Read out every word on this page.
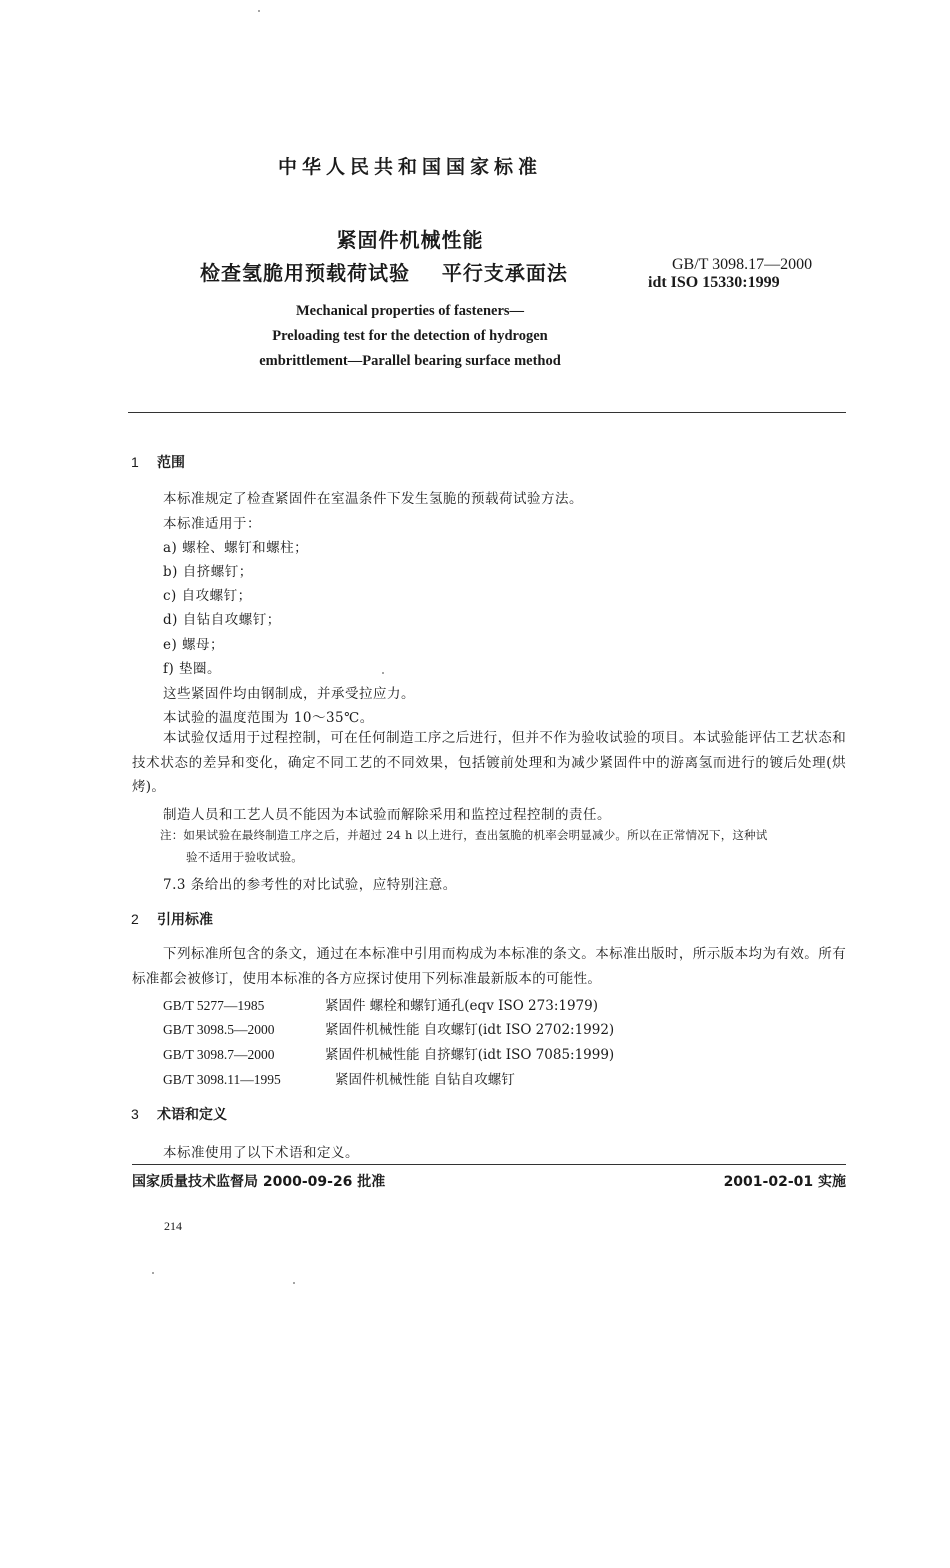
中华人民共和国国家标准
紧固件机械性能
检查氢脆用预载荷试验    平行支承面法	GB/T 3098.17—2000
idt ISO 15330:1999
Mechanical properties of fasteners—
Preloading test for the detection of hydrogen
embrittlement—Parallel bearing surface method
1 范围
本标准规定了检查紧固件在室温条件下发生氢脆的预载荷试验方法。
本标准适用于：
a) 螺栓、螺钉和螺柱；
b) 自挤螺钉；
c) 自攻螺钉；
d) 自钻自攻螺钉；
e) 螺母；
f) 垫圈。
这些紧固件均由钢制成，并承受拉应力。
本试验的温度范围为 10～35℃。
本试验仅适用于过程控制，可在任何制造工序之后进行，但并不作为验收试验的项目。本试验能评估工艺状态和技术状态的差异和变化，确定不同工艺的不同效果，包括镀前处理和为减少紧固件中的游离氢而进行的镀后处理(烘烤)。
制造人员和工艺人员不能因为本试验而解除采用和监控过程控制的责任。
注：如果试验在最终制造工序之后，并超过 24 h 以上进行，查出氢脆的机率会明显减少。所以在正常情况下，这种试
验不适用于验收试验。
7.3 条给出的参考性的对比试验，应特别注意。
2 引用标准
下列标准所包含的条文，通过在本标准中引用而构成为本标准的条文。本标准出版时，所示版本均为有效。所有标准都会被修订，使用本标准的各方应探讨使用下列标准最新版本的可能性。
GB/T 5277—1985	紧固件 螺栓和螺钉通孔(eqv ISO 273:1979)
GB/T 3098.5—2000	紧固件机械性能 自攻螺钉(idt ISO 2702:1992)
GB/T 3098.7—2000	紧固件机械性能 自挤螺钉(idt ISO 7085:1999)
GB/T 3098.11—1995	紧固件机械性能 自钻自攻螺钉
3 术语和定义
本标准使用了以下术语和定义。
国家质量技术监督局 2000-09-26 批准	2001-02-01 实施
214
